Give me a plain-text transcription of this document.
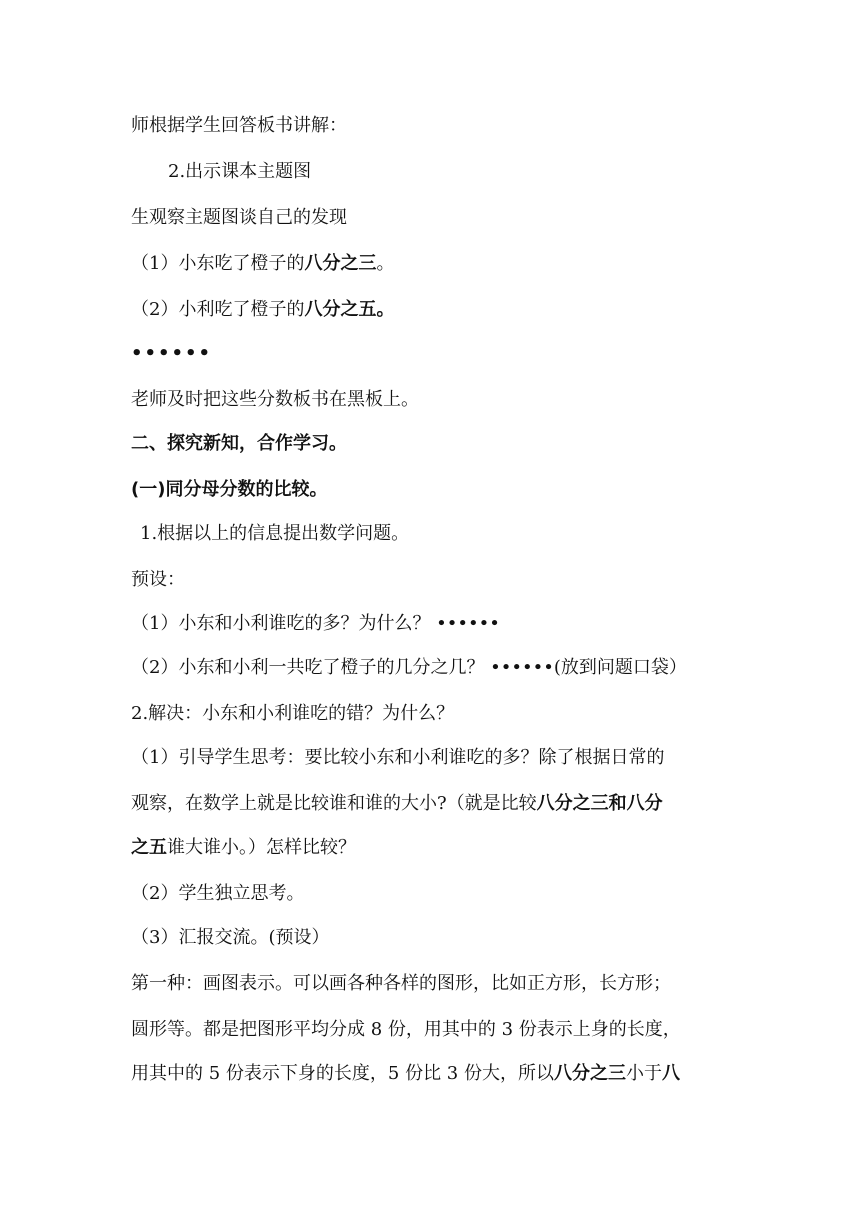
师根据学生回答板书讲解：

2.出示课本主题图

生观察主题图谈自己的发现

（1）小东吃了橙子的八分之三。

（2）小利吃了橙子的八分之五。

••••••

老师及时把这些分数板书在黑板上。

二、探究新知，合作学习。

(一)同分母分数的比较。

1.根据以上的信息提出数学问题。

预设：

（1）小东和小利谁吃的多？为什么？ ••••••

（2）小东和小利一共吃了橙子的几分之几？ ••••••(放到问题口袋）

2.解决：小东和小利谁吃的错？为什么？

（1）引导学生思考：要比较小东和小利谁吃的多？除了根据日常的

观察，在数学上就是比较谁和谁的大小?（就是比较八分之三和八分

之五谁大谁小。）怎样比较？

（2）学生独立思考。

（3）汇报交流。(预设）

第一种：画图表示。可以画各种各样的图形，比如正方形，长方形；

圆形等。都是把图形平均分成 8 份，用其中的 3 份表示上身的长度，

用其中的 5 份表示下身的长度，5 份比 3 份大，所以八分之三小于八
